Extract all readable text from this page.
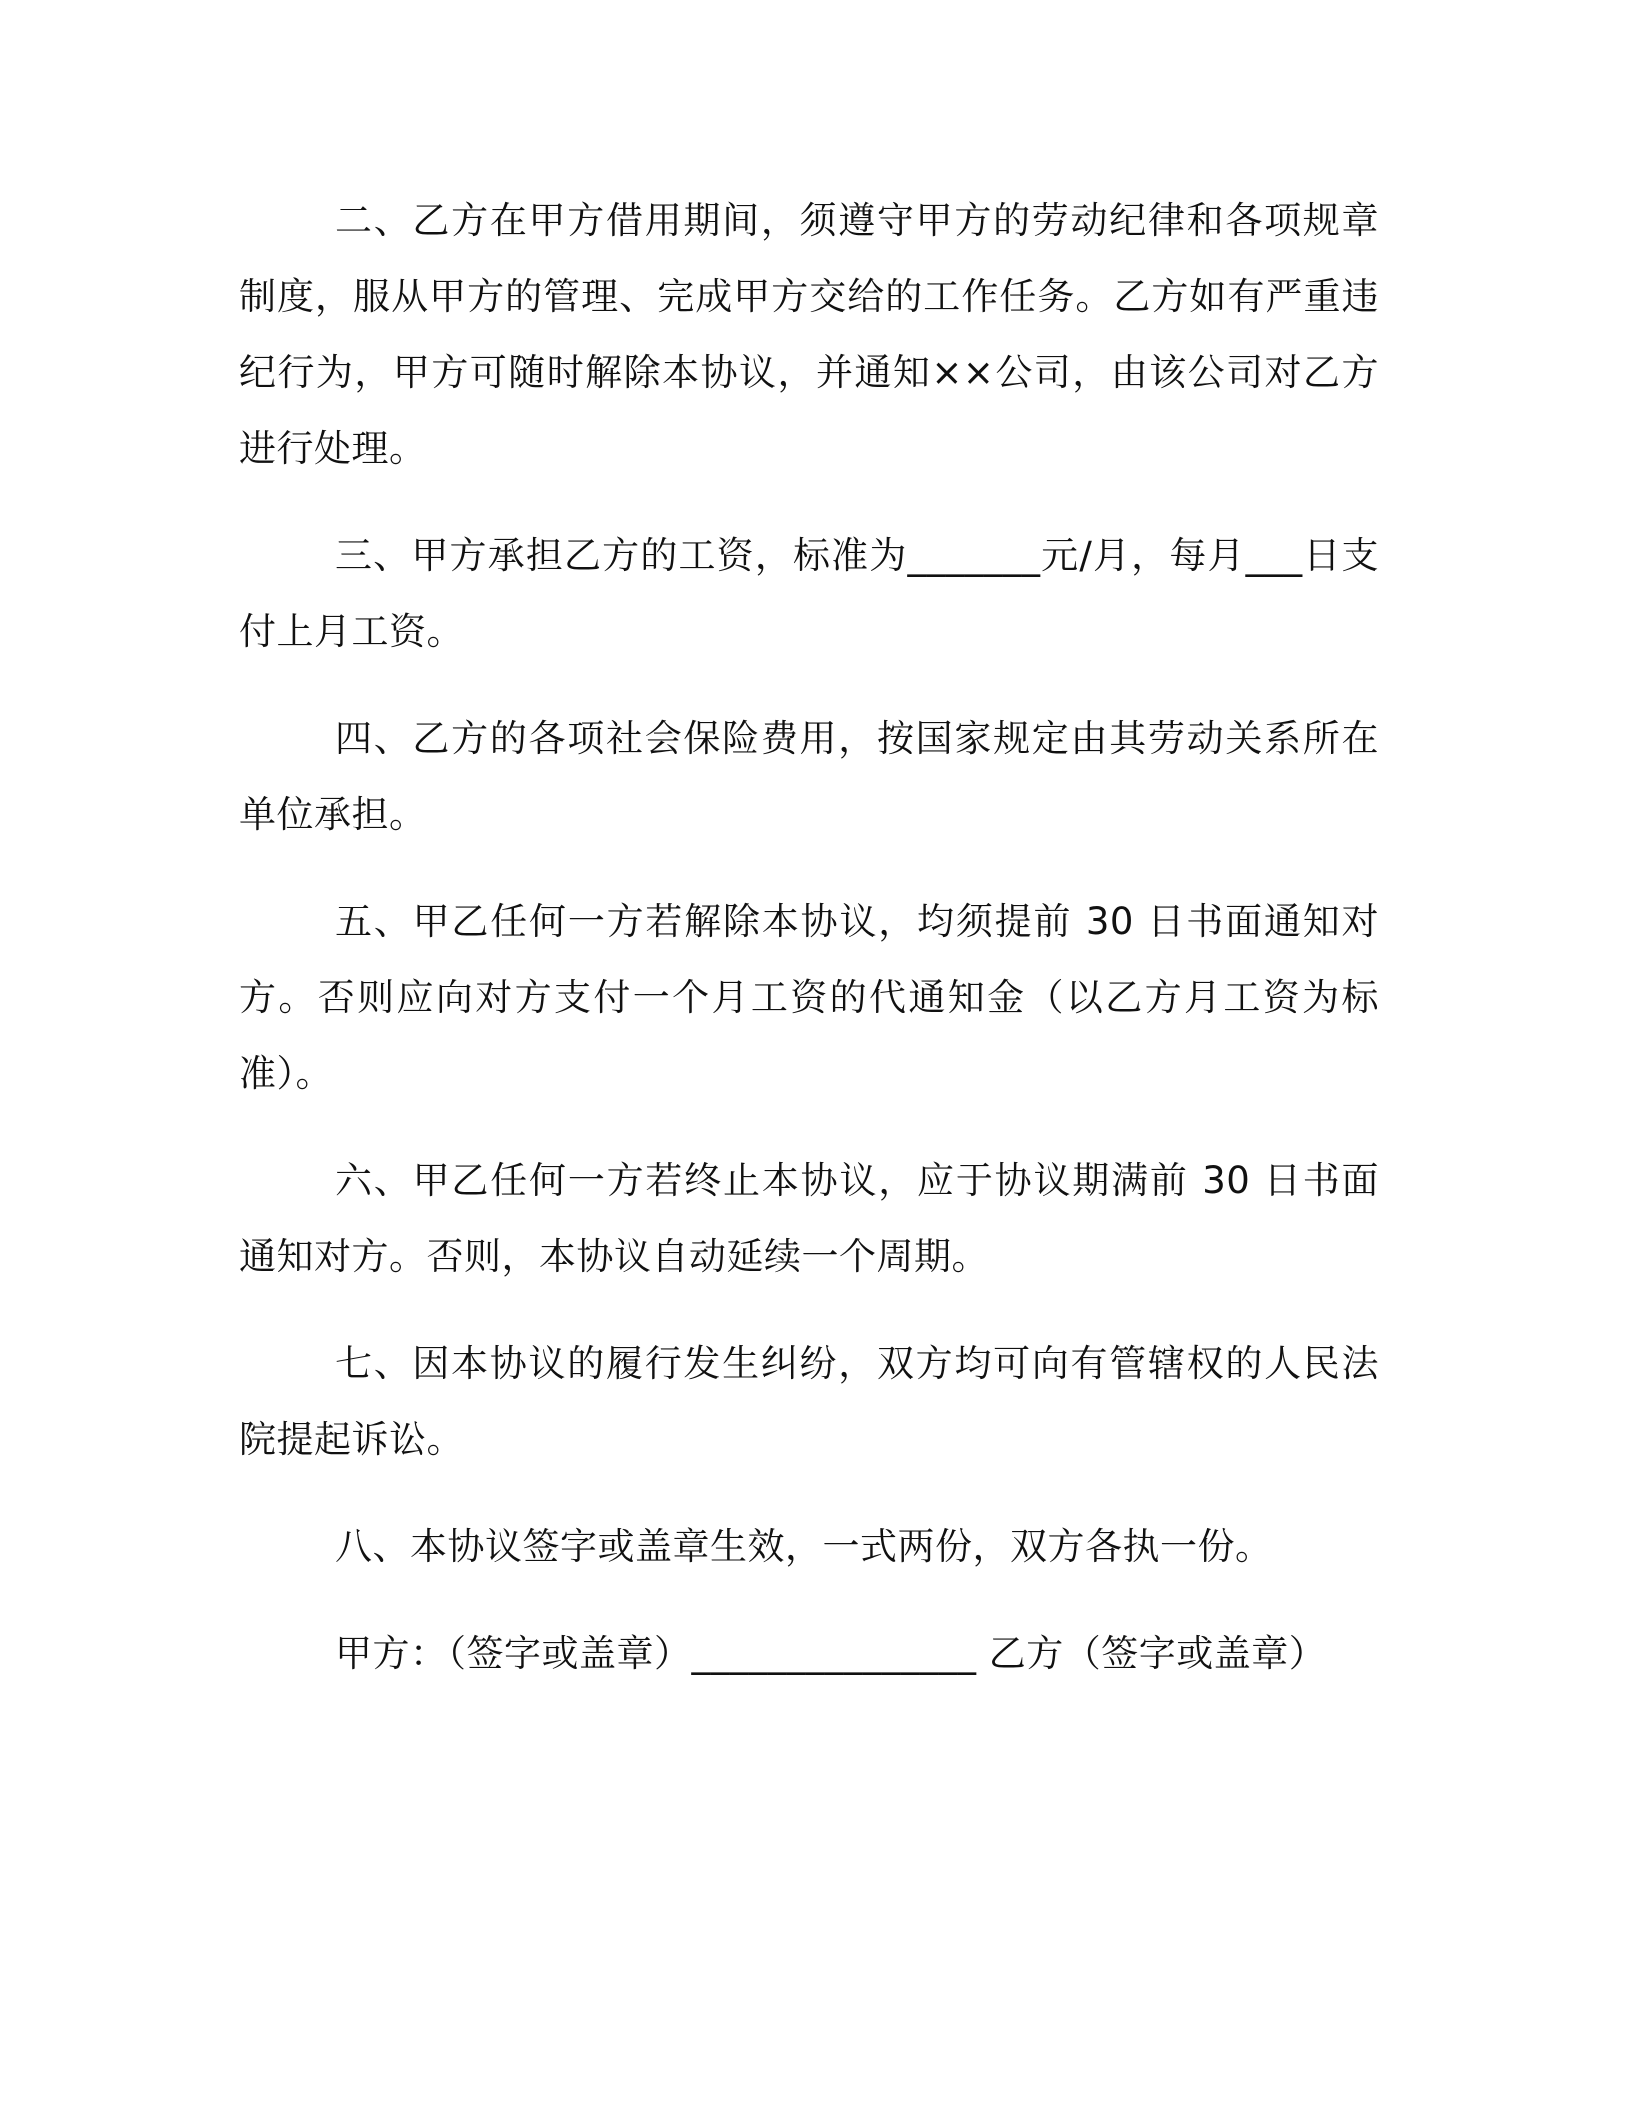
二、乙方在甲方借用期间，须遵守甲方的劳动纪律和各项规章制度，服从甲方的管理、完成甲方交给的工作任务。乙方如有严重违纪行为，甲方可随时解除本协议，并通知××公司，由该公司对乙方进行处理。

三、甲方承担乙方的工资，标准为_______元/月，每月___日支付上月工资。

四、乙方的各项社会保险费用，按国家规定由其劳动关系所在单位承担。

五、甲乙任何一方若解除本协议，均须提前 30 日书面通知对方。否则应向对方支付一个月工资的代通知金（以乙方月工资为标准）。

六、甲乙任何一方若终止本协议，应于协议期满前 30 日书面通知对方。否则，本协议自动延续一个周期。

七、因本协议的履行发生纠纷，双方均可向有管辖权的人民法院提起诉讼。

八、本协议签字或盖章生效，一式两份，双方各执一份。

甲方：（签字或盖章）_______________ 乙方（签字或盖章）
